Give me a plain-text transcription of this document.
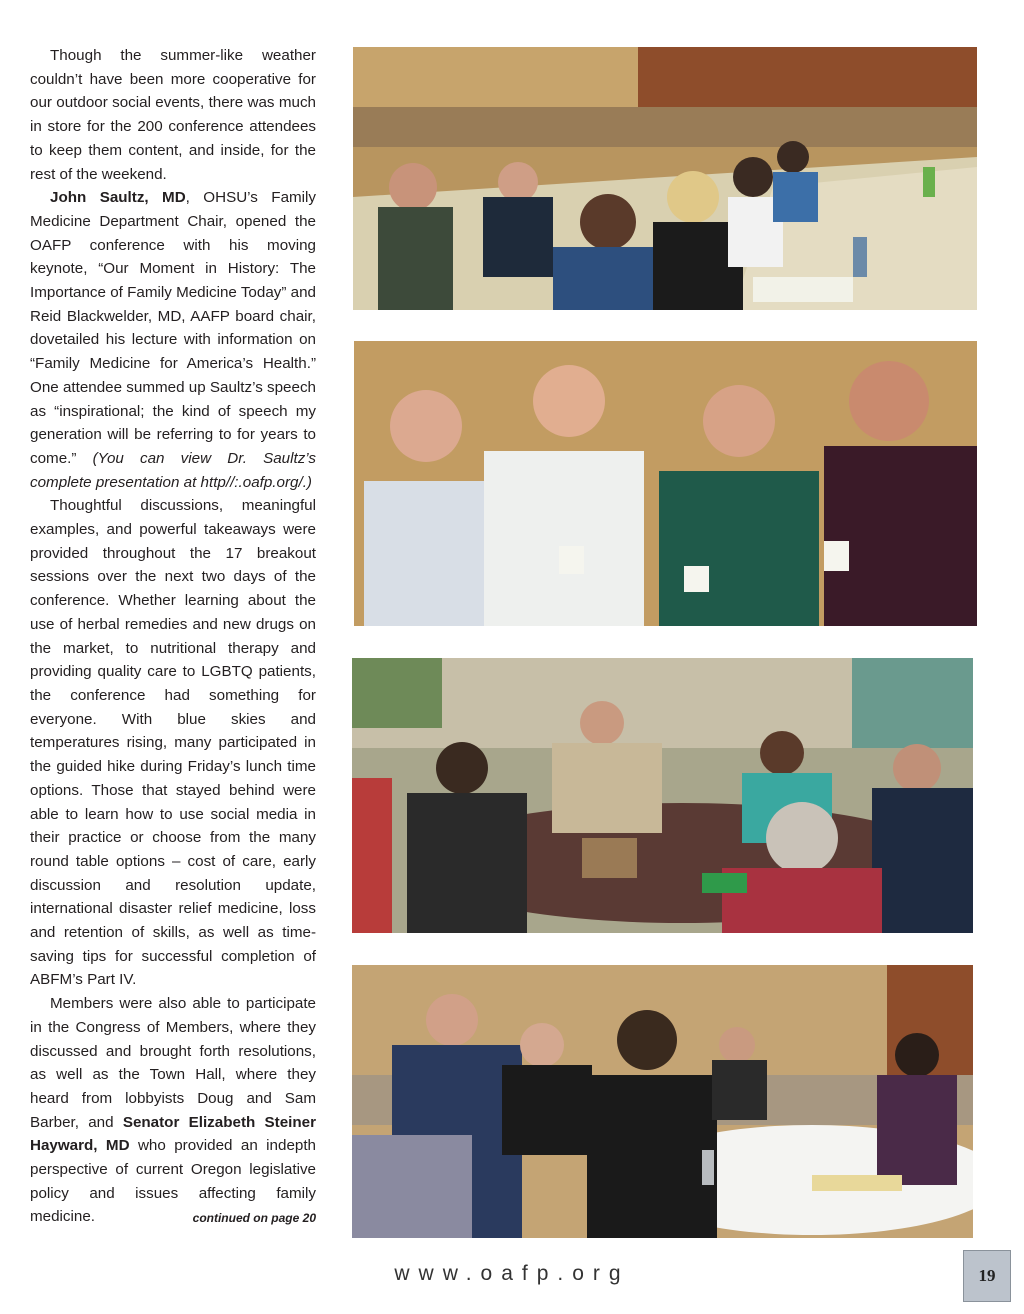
Though the summer-like weather couldn’t have been more cooperative for our outdoor social events, there was much in store for the 200 conference attendees to keep them content, and inside, for the rest of the weekend.

John Saultz, MD, OHSU’s Family Medicine Department Chair, opened the OAFP conference with his moving keynote, “Our Moment in History: The Importance of Family Medicine Today” and Reid Blackwelder, MD, AAFP board chair, dovetailed his lecture with information on “Family Medicine for America’s Health.” One attendee summed up Saultz’s speech as “inspirational; the kind of speech my generation will be referring to for years to come.” (You can view Dr. Saultz’s complete presentation at http//:.oafp.org/.)

Thoughtful discussions, meaningful examples, and powerful takeaways were provided throughout the 17 breakout sessions over the next two days of the conference. Whether learning about the use of herbal remedies and new drugs on the market, to nutritional therapy and providing quality care to LGBTQ patients, the conference had something for everyone. With blue skies and temperatures rising, many participated in the guided hike during Friday’s lunch time options. Those that stayed behind were able to learn how to use social media in their practice or choose from the many round table options – cost of care, early discussion and resolution update, international disaster relief medicine, loss and retention of skills, as well as time-saving tips for successful completion of ABFM’s Part IV.

Members were also able to participate in the Congress of Members, where they discussed and brought forth resolutions, as well as the Town Hall, where they heard from lobbyists Doug and Sam Barber, and Senator Elizabeth Steiner Hayward, MD who provided an indepth perspective of current Oregon legislative policy and issues affecting family medicine.	continued on page 20
www.oafp.org	19
